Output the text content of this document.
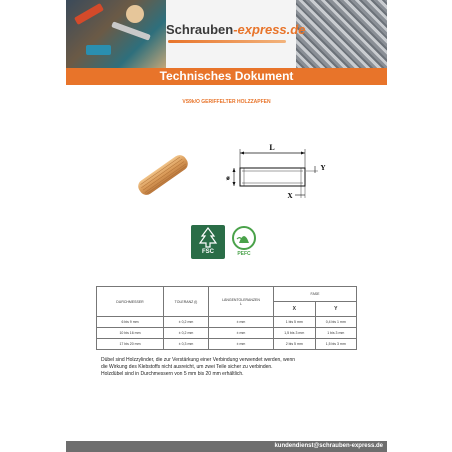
Schrauben-express.de
Technisches Dokument
VS9k/O GERIFFELTER HOLZZAPFEN
L
ø
Y
X
FSC	PEFC
DURCHMESSER	TOLERANZ (i)	LÄNGENTOLERANZEN
L	FASE	
			X	Y
6 bis 9 mm	± 0,2 mm	± mm	1 bis 5 mm	0,4 bis 1 mm
10 bis 16 mm	± 0,2 mm	± mm	1,5 bis 3 mm	1 bis 3 mm
17 bis 20 mm	± 0,3 mm	± mm	2 bis 5 mm	1,5 bis 3 mm

Dübel sind Holzzylinder, die zur Verstärkung einer Verbindung verwendet werden, wenn

die Wirkung des Klebstoffs nicht ausreicht, um zwei Teile sicher zu verbinden.

Holzdübel sind in Durchmessern von 5 mm bis 20 mm erhältlich.

kundendienst@schrauben-express.de
